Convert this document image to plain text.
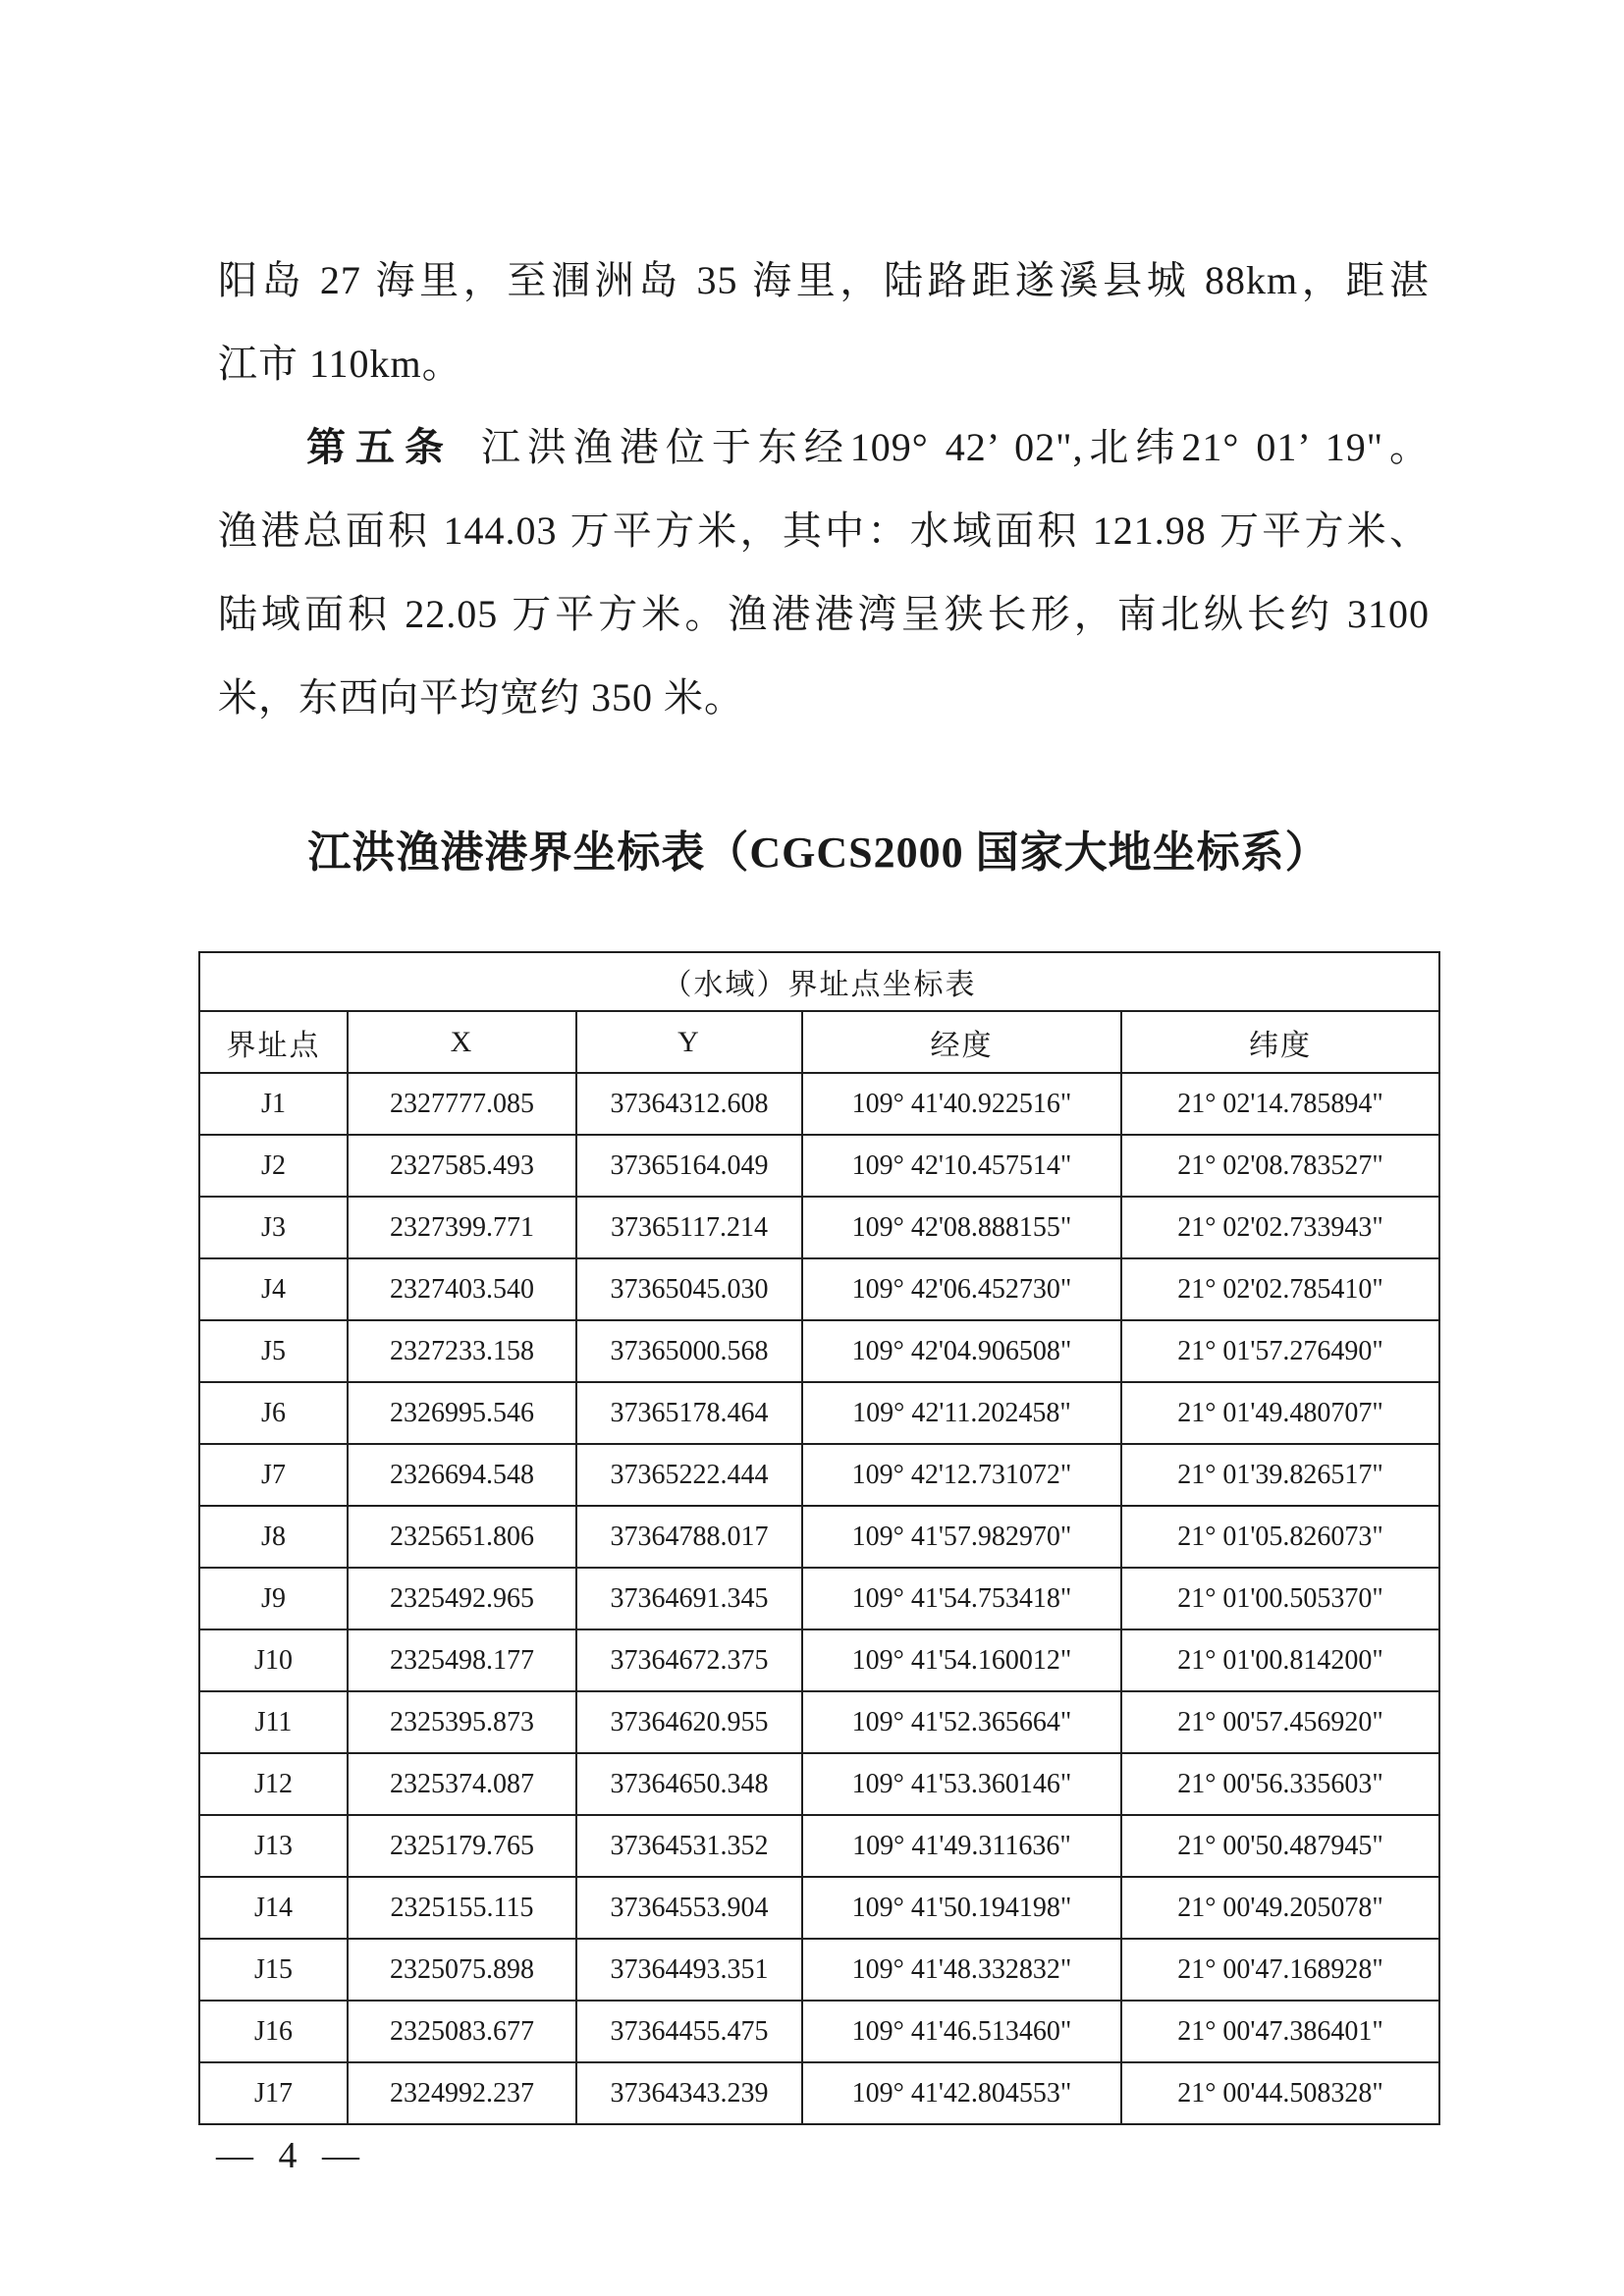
阳岛 27 海里，至涠洲岛 35 海里，陆路距遂溪县城 88km，距湛
江市 110km。
第五条 江洪渔港位于东经109° 42’ 02",北纬21° 01’ 19"。
渔港总面积 144.03 万平方米，其中：水域面积 121.98 万平方米、
陆域面积 22.05 万平方米。渔港港湾呈狭长形，南北纵长约 3100
米，东西向平均宽约 350 米。
江洪渔港港界坐标表（CGCS2000 国家大地坐标系）
（水域）界址点坐标表				
界址点	X	Y	经度	纬度
J1	2327777.085	37364312.608	109° 41'40.922516"	21° 02'14.785894"
J2	2327585.493	37365164.049	109° 42'10.457514"	21° 02'08.783527"
J3	2327399.771	37365117.214	109° 42'08.888155"	21° 02'02.733943"
J4	2327403.540	37365045.030	109° 42'06.452730"	21° 02'02.785410"
J5	2327233.158	37365000.568	109° 42'04.906508"	21° 01'57.276490"
J6	2326995.546	37365178.464	109° 42'11.202458"	21° 01'49.480707"
J7	2326694.548	37365222.444	109° 42'12.731072"	21° 01'39.826517"
J8	2325651.806	37364788.017	109° 41'57.982970"	21° 01'05.826073"
J9	2325492.965	37364691.345	109° 41'54.753418"	21° 01'00.505370"
J10	2325498.177	37364672.375	109° 41'54.160012"	21° 01'00.814200"
J11	2325395.873	37364620.955	109° 41'52.365664"	21° 00'57.456920"
J12	2325374.087	37364650.348	109° 41'53.360146"	21° 00'56.335603"
J13	2325179.765	37364531.352	109° 41'49.311636"	21° 00'50.487945"
J14	2325155.115	37364553.904	109° 41'50.194198"	21° 00'49.205078"
J15	2325075.898	37364493.351	109° 41'48.332832"	21° 00'47.168928"
J16	2325083.677	37364455.475	109° 41'46.513460"	21° 00'47.386401"
J17	2324992.237	37364343.239	109° 41'42.804553"	21° 00'44.508328"
— 4 —
